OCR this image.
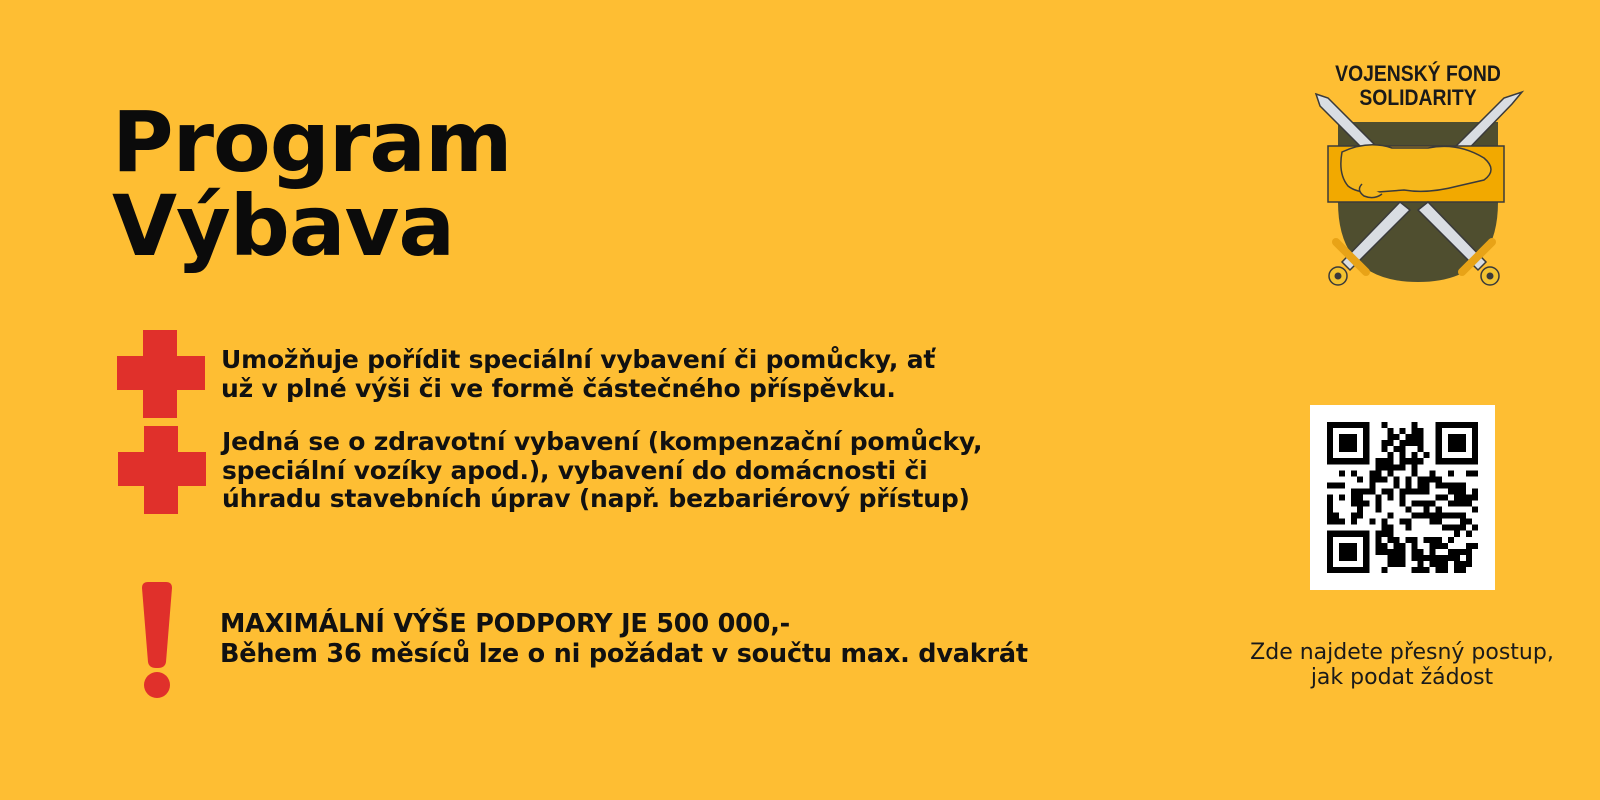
Program
Výbava
Umožňuje pořídit speciální vybavení či pomůcky, ať
už v plné výši či ve formě částečného příspěvku.
Jedná se o zdravotní vybavení (kompenzační pomůcky,
speciální vozíky apod.), vybavení do domácnosti či
úhradu stavebních úprav (např. bezbariérový přístup)
MAXIMÁLNÍ VÝŠE PODPORY JE 500 000,-
Během 36 měsíců lze o ni požádat v součtu max. dvakrát
VOJENSKÝ FOND
SOLIDARITY
Zde najdete přesný postup,
jak podat žádost
